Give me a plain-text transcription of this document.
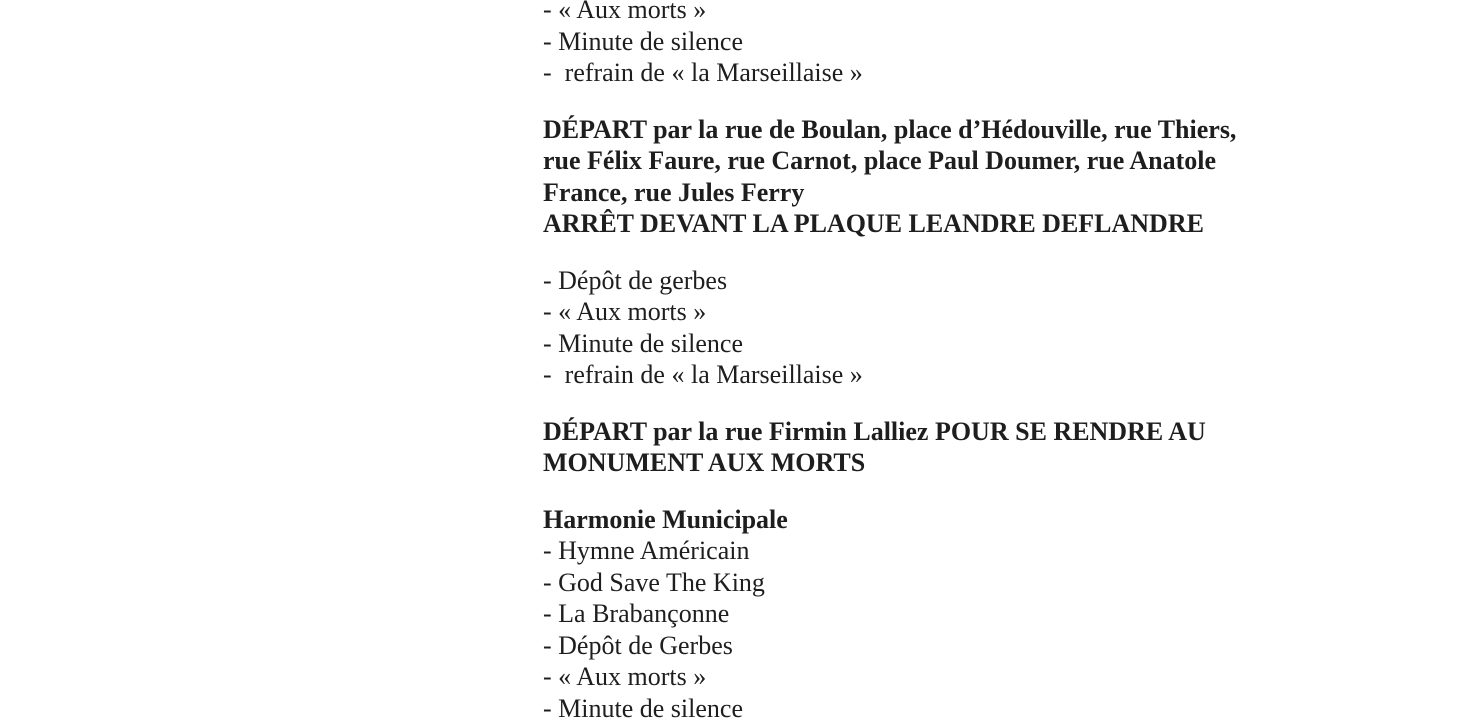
- « Aux morts »
- Minute de silence
-  refrain de « la Marseillaise »
DÉPART par la rue de Boulan, place d’Hédouville, rue Thiers,
rue Félix Faure, rue Carnot, place Paul Doumer, rue Anatole
France, rue Jules Ferry
ARRÊT DEVANT LA PLAQUE LEANDRE DEFLANDRE
- Dépôt de gerbes
- « Aux morts »
- Minute de silence
-  refrain de « la Marseillaise »
DÉPART par la rue Firmin Lalliez POUR SE RENDRE AU
MONUMENT AUX MORTS
Harmonie Municipale
- Hymne Américain
- God Save The King
- La Brabançonne
- Dépôt de Gerbes
- « Aux morts »
- Minute de silence
